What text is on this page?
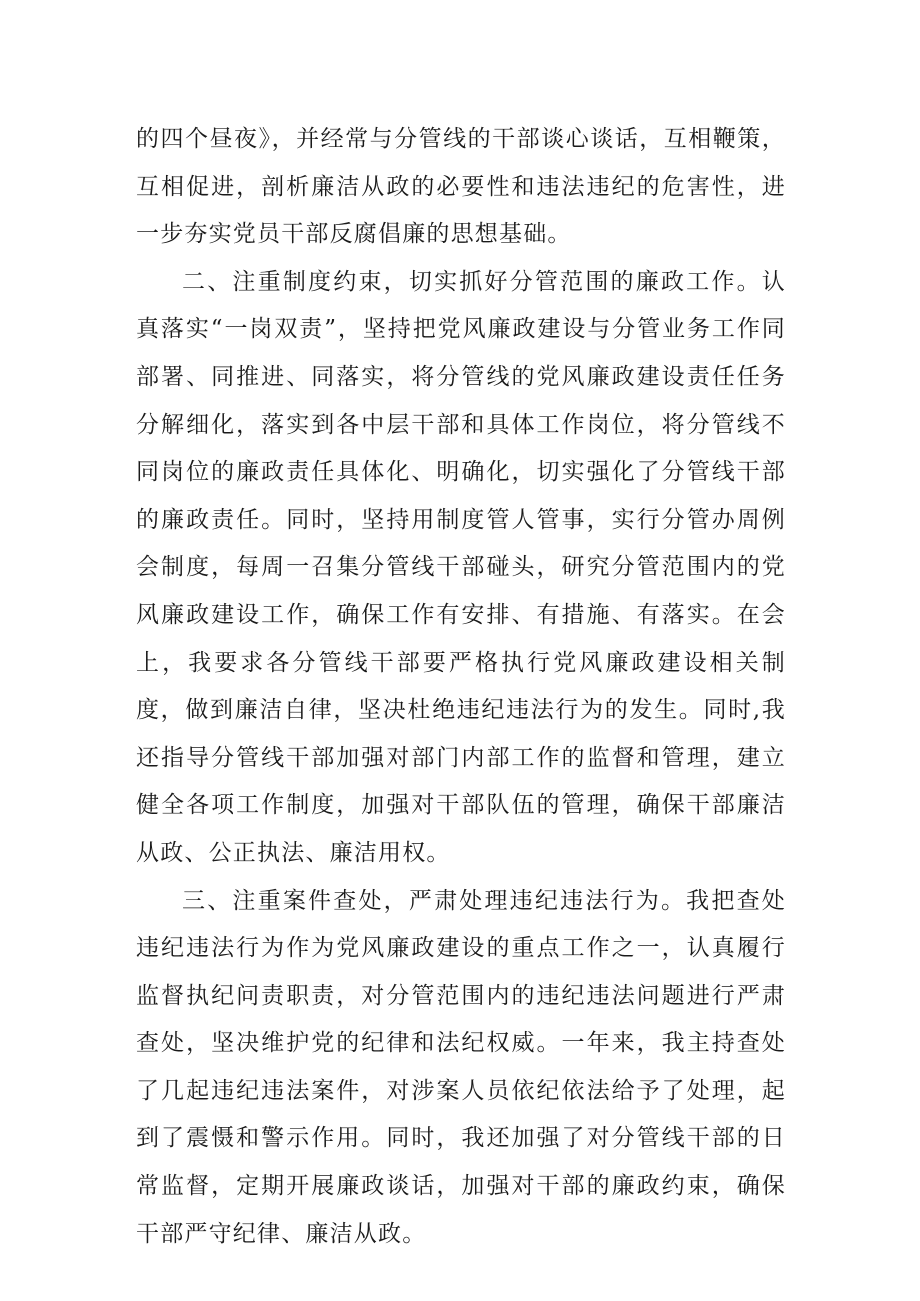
的四个昼夜》，并经常与分管线的干部谈心谈话，互相鞭策，互相促进，剖析廉洁从政的必要性和违法违纪的危害性，进一步夯实党员干部反腐倡廉的思想基础。

二、注重制度约束，切实抓好分管范围的廉政工作。认真落实“一岗双责”，坚持把党风廉政建设与分管业务工作同部署、同推进、同落实，将分管线的党风廉政建设责任任务分解细化，落实到各中层干部和具体工作岗位，将分管线不同岗位的廉政责任具体化、明确化，切实强化了分管线干部的廉政责任。同时，坚持用制度管人管事，实行分管办周例会制度，每周一召集分管线干部碰头，研究分管范围内的党风廉政建设工作，确保工作有安排、有措施、有落实。在会上，我要求各分管线干部要严格执行党风廉政建设相关制度，做到廉洁自律，坚决杜绝违纪违法行为的发生。同时,我还指导分管线干部加强对部门内部工作的监督和管理，建立健全各项工作制度，加强对干部队伍的管理，确保干部廉洁从政、公正执法、廉洁用权。

三、注重案件查处，严肃处理违纪违法行为。我把查处违纪违法行为作为党风廉政建设的重点工作之一，认真履行监督执纪问责职责，对分管范围内的违纪违法问题进行严肃查处，坚决维护党的纪律和法纪权威。一年来，我主持查处了几起违纪违法案件，对涉案人员依纪依法给予了处理，起到了震慑和警示作用。同时，我还加强了对分管线干部的日常监督，定期开展廉政谈话，加强对干部的廉政约束，确保干部严守纪律、廉洁从政。
